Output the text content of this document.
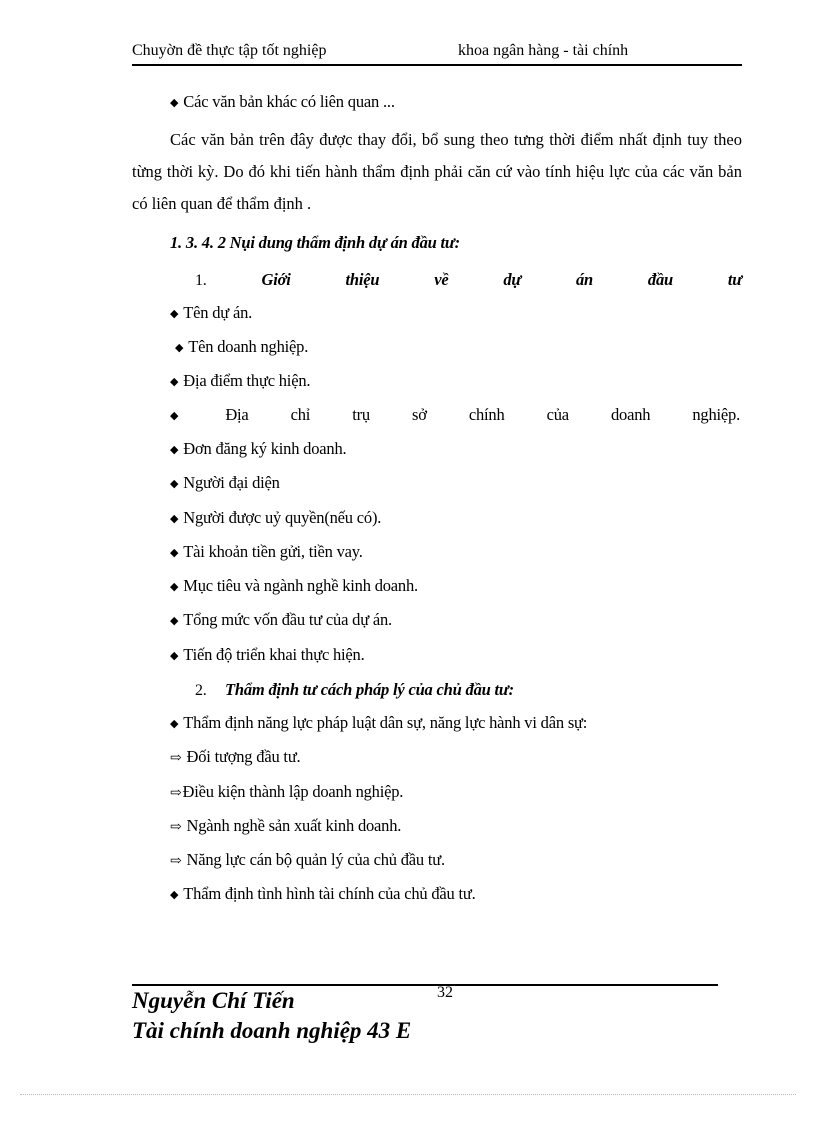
Chuyờn đề thực tập tốt nghiệp	khoa ngân hàng - tài chính
◆ Các văn bản khác có liên quan ...
Các văn bản trên đây được thay đổi, bổ sung theo tưng thời điểm nhất định tuy theo từng thời kỳ. Do đó khi tiến hành thẩm định phải căn cứ vào tính hiệu lực của các văn bản có liên quan để thẩm định .
1. 3. 4. 2 Nụi dung thẩm định dự án đầu tư:
1.	Giới	thiệu	về	dự	án	đầu	tư
◆ Tên dự án.
◆ Tên doanh nghiệp.
◆ Địa điểm thực hiện.
◆	Địa	chỉ	trụ	sở	chính	của	doanh	nghiệp.
◆ Đơn đăng ký kinh doanh.
◆ Người đại diện
◆ Người được uỷ quyền(nếu có).
◆ Tài khoản tiền gửi, tiền vay.
◆ Mục tiêu và ngành nghề kinh doanh.
◆ Tổng mức vốn đầu tư của dự án.
◆ Tiến độ triển khai thực hiện.
2. Thẩm định tư cách pháp lý của chủ đầu tư:
◆ Thẩm định năng lực pháp luật dân sự, năng lực hành vi dân sự:
⇨ Đối tượng đầu tư.
⇨Điều kiện thành lập doanh nghiệp.
⇨ Ngành nghề sản xuất kinh doanh.
⇨ Năng lực cán bộ quản lý của chủ đầu tư.
◆ Thẩm định tình hình tài chính của chủ đầu tư.
32
Nguyễn Chí Tiến
Tài chính doanh nghiệp 43 E
